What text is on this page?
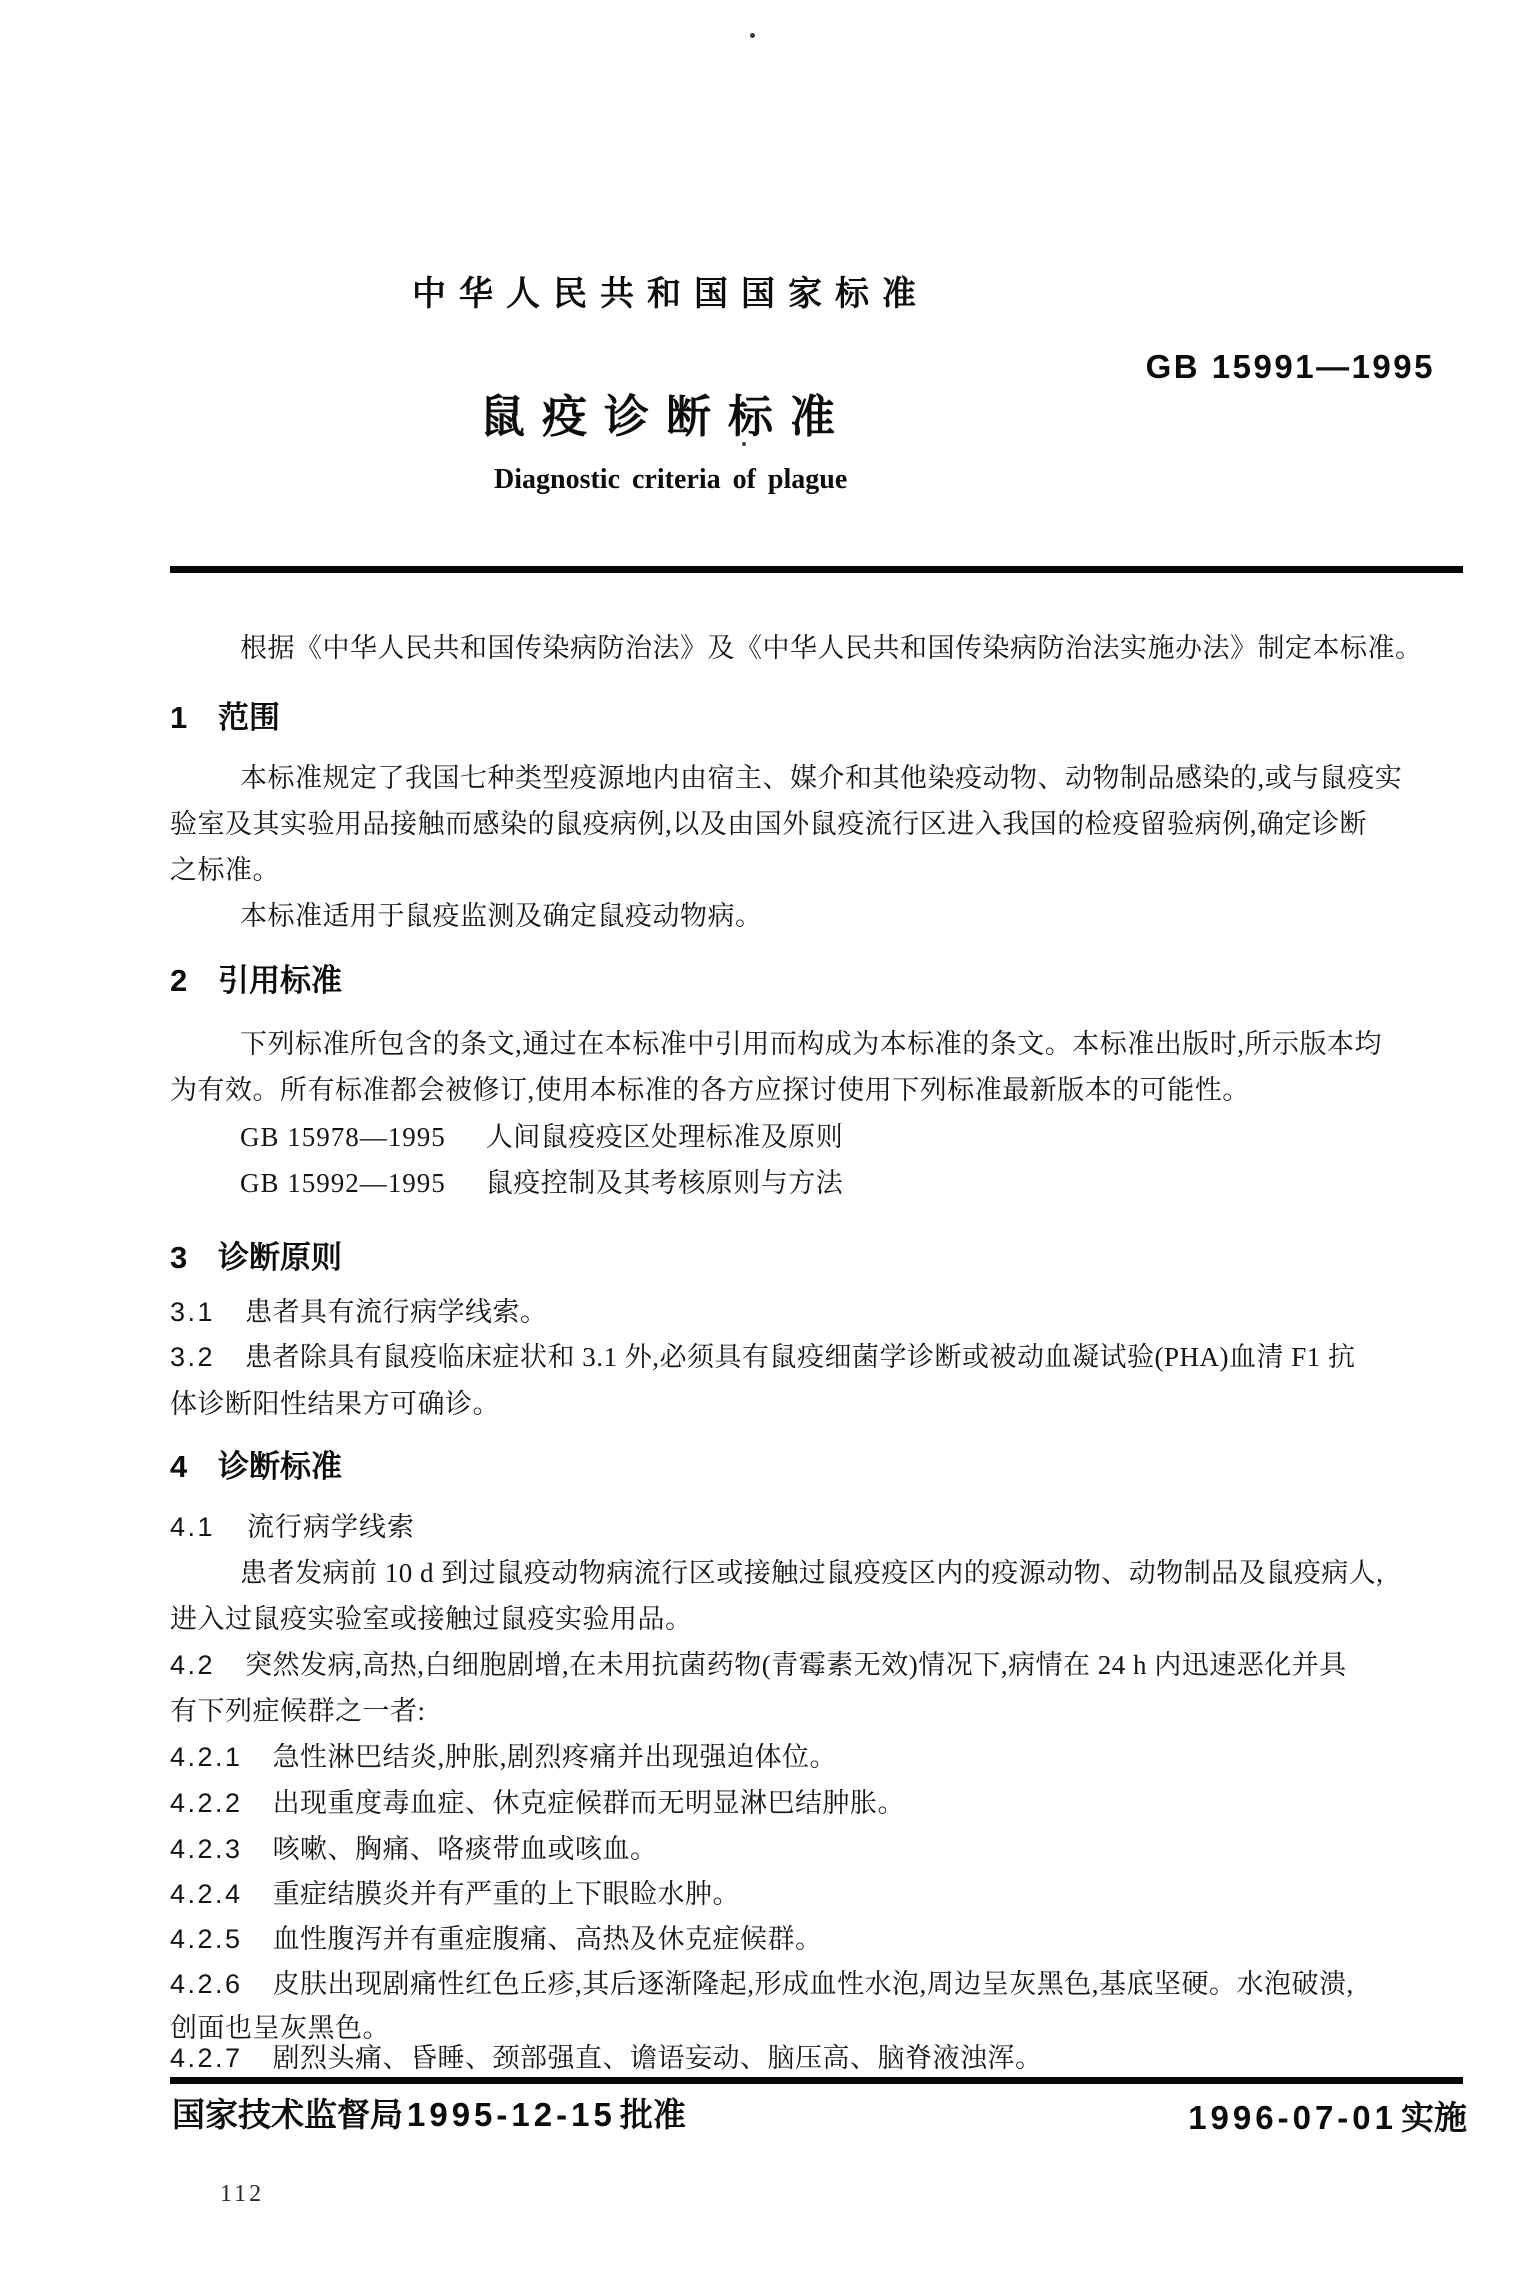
中华人民共和国国家标准
GB 15991—1995
鼠疫诊断标准
Diagnostic criteria of plague
根据《中华人民共和国传染病防治法》及《中华人民共和国传染病防治法实施办法》制定本标准。
1 范围
本标准规定了我国七种类型疫源地内由宿主、媒介和其他染疫动物、动物制品感染的,或与鼠疫实
验室及其实验用品接触而感染的鼠疫病例,以及由国外鼠疫流行区进入我国的检疫留验病例,确定诊断
之标准。
本标准适用于鼠疫监测及确定鼠疫动物病。
2 引用标准
下列标准所包含的条文,通过在本标准中引用而构成为本标准的条文。本标准出版时,所示版本均
为有效。所有标准都会被修订,使用本标准的各方应探讨使用下列标准最新版本的可能性。
GB 15978—1995 人间鼠疫疫区处理标准及原则
GB 15992—1995 鼠疫控制及其考核原则与方法
3 诊断原则
3.1 患者具有流行病学线索。
3.2 患者除具有鼠疫临床症状和 3.1 外,必须具有鼠疫细菌学诊断或被动血凝试验(PHA)血清 F1 抗
体诊断阳性结果方可确诊。
4 诊断标准
4.1 流行病学线索
患者发病前 10 d 到过鼠疫动物病流行区或接触过鼠疫疫区内的疫源动物、动物制品及鼠疫病人,
进入过鼠疫实验室或接触过鼠疫实验用品。
4.2 突然发病,高热,白细胞剧增,在未用抗菌药物(青霉素无效)情况下,病情在 24 h 内迅速恶化并具
有下列症候群之一者:
4.2.1 急性淋巴结炎,肿胀,剧烈疼痛并出现强迫体位。
4.2.2 出现重度毒血症、休克症候群而无明显淋巴结肿胀。
4.2.3 咳嗽、胸痛、咯痰带血或咳血。
4.2.4 重症结膜炎并有严重的上下眼睑水肿。
4.2.5 血性腹泻并有重症腹痛、高热及休克症候群。
4.2.6 皮肤出现剧痛性红色丘疹,其后逐渐隆起,形成血性水泡,周边呈灰黑色,基底坚硬。水泡破溃,
创面也呈灰黑色。
4.2.7 剧烈头痛、昏睡、颈部强直、谵语妄动、脑压高、脑脊液浊浑。
国家技术监督局 1995-12-15 批准	1996-07-01 实施
112
